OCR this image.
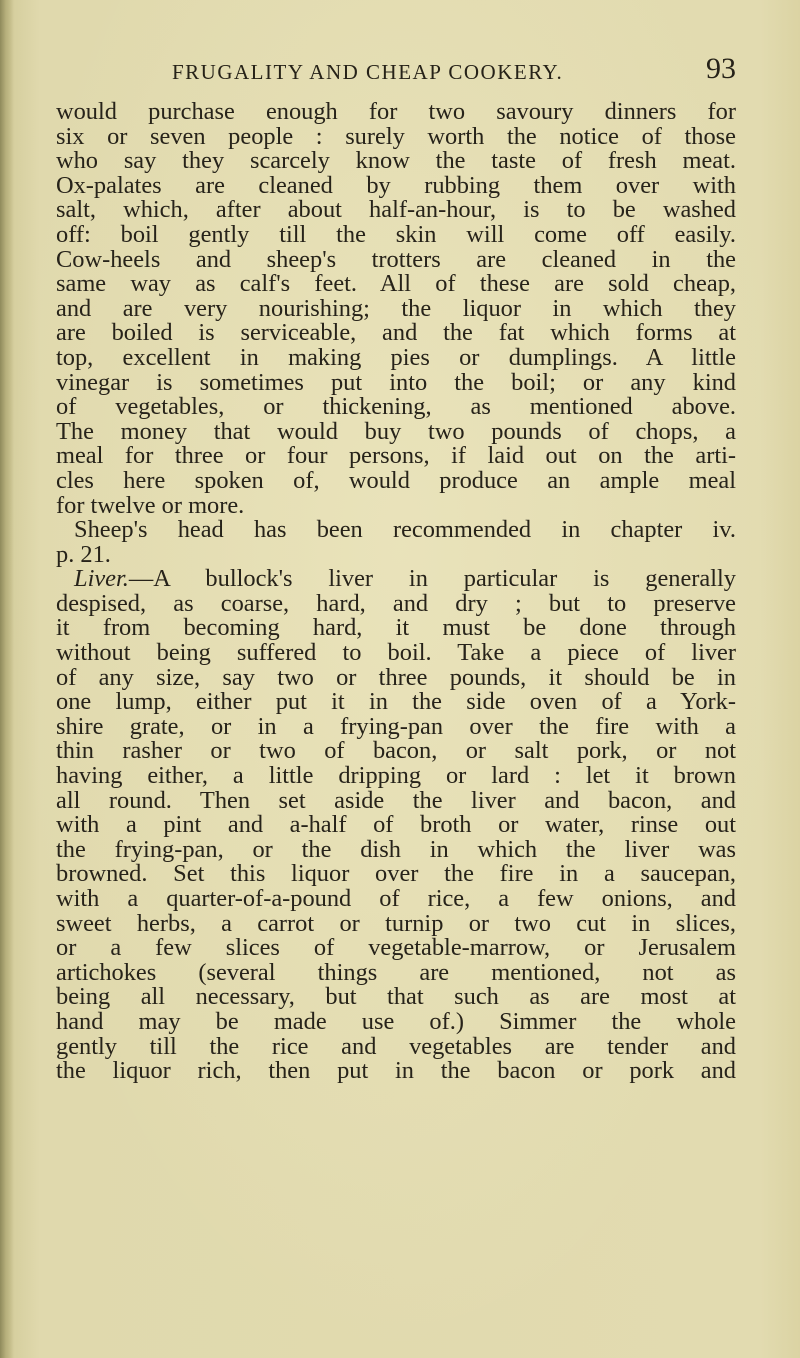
FRUGALITY AND CHEAP COOKERY.	93
would purchase enough for two savoury dinners for
six or seven people : surely worth the notice of those
who say they scarcely know the taste of fresh meat.
Ox-palates are cleaned by rubbing them over with
salt, which, after about half-an-hour, is to be washed
off: boil gently till the skin will come off easily.
Cow-heels and sheep's trotters are cleaned in the
same way as calf's feet. All of these are sold cheap,
and are very nourishing; the liquor in which they
are boiled is serviceable, and the fat which forms at
top, excellent in making pies or dumplings. A little
vinegar is sometimes put into the boil; or any kind
of vegetables, or thickening, as mentioned above.
The money that would buy two pounds of chops, a
meal for three or four persons, if laid out on the arti-
cles here spoken of, would produce an ample meal
for twelve or more.
Sheep's head has been recommended in chapter iv.
p. 21.
Liver.—A bullock's liver in particular is generally
despised, as coarse, hard, and dry ; but to preserve
it from becoming hard, it must be done through
without being suffered to boil. Take a piece of liver
of any size, say two or three pounds, it should be in
one lump, either put it in the side oven of a York-
shire grate, or in a frying-pan over the fire with a
thin rasher or two of bacon, or salt pork, or not
having either, a little dripping or lard : let it brown
all round. Then set aside the liver and bacon, and
with a pint and a-half of broth or water, rinse out
the frying-pan, or the dish in which the liver was
browned. Set this liquor over the fire in a saucepan,
with a quarter-of-a-pound of rice, a few onions, and
sweet herbs, a carrot or turnip or two cut in slices,
or a few slices of vegetable-marrow, or Jerusalem
artichokes (several things are mentioned, not as
being all necessary, but that such as are most at
hand may be made use of.) Simmer the whole
gently till the rice and vegetables are tender and
the liquor rich, then put in the bacon or pork and
